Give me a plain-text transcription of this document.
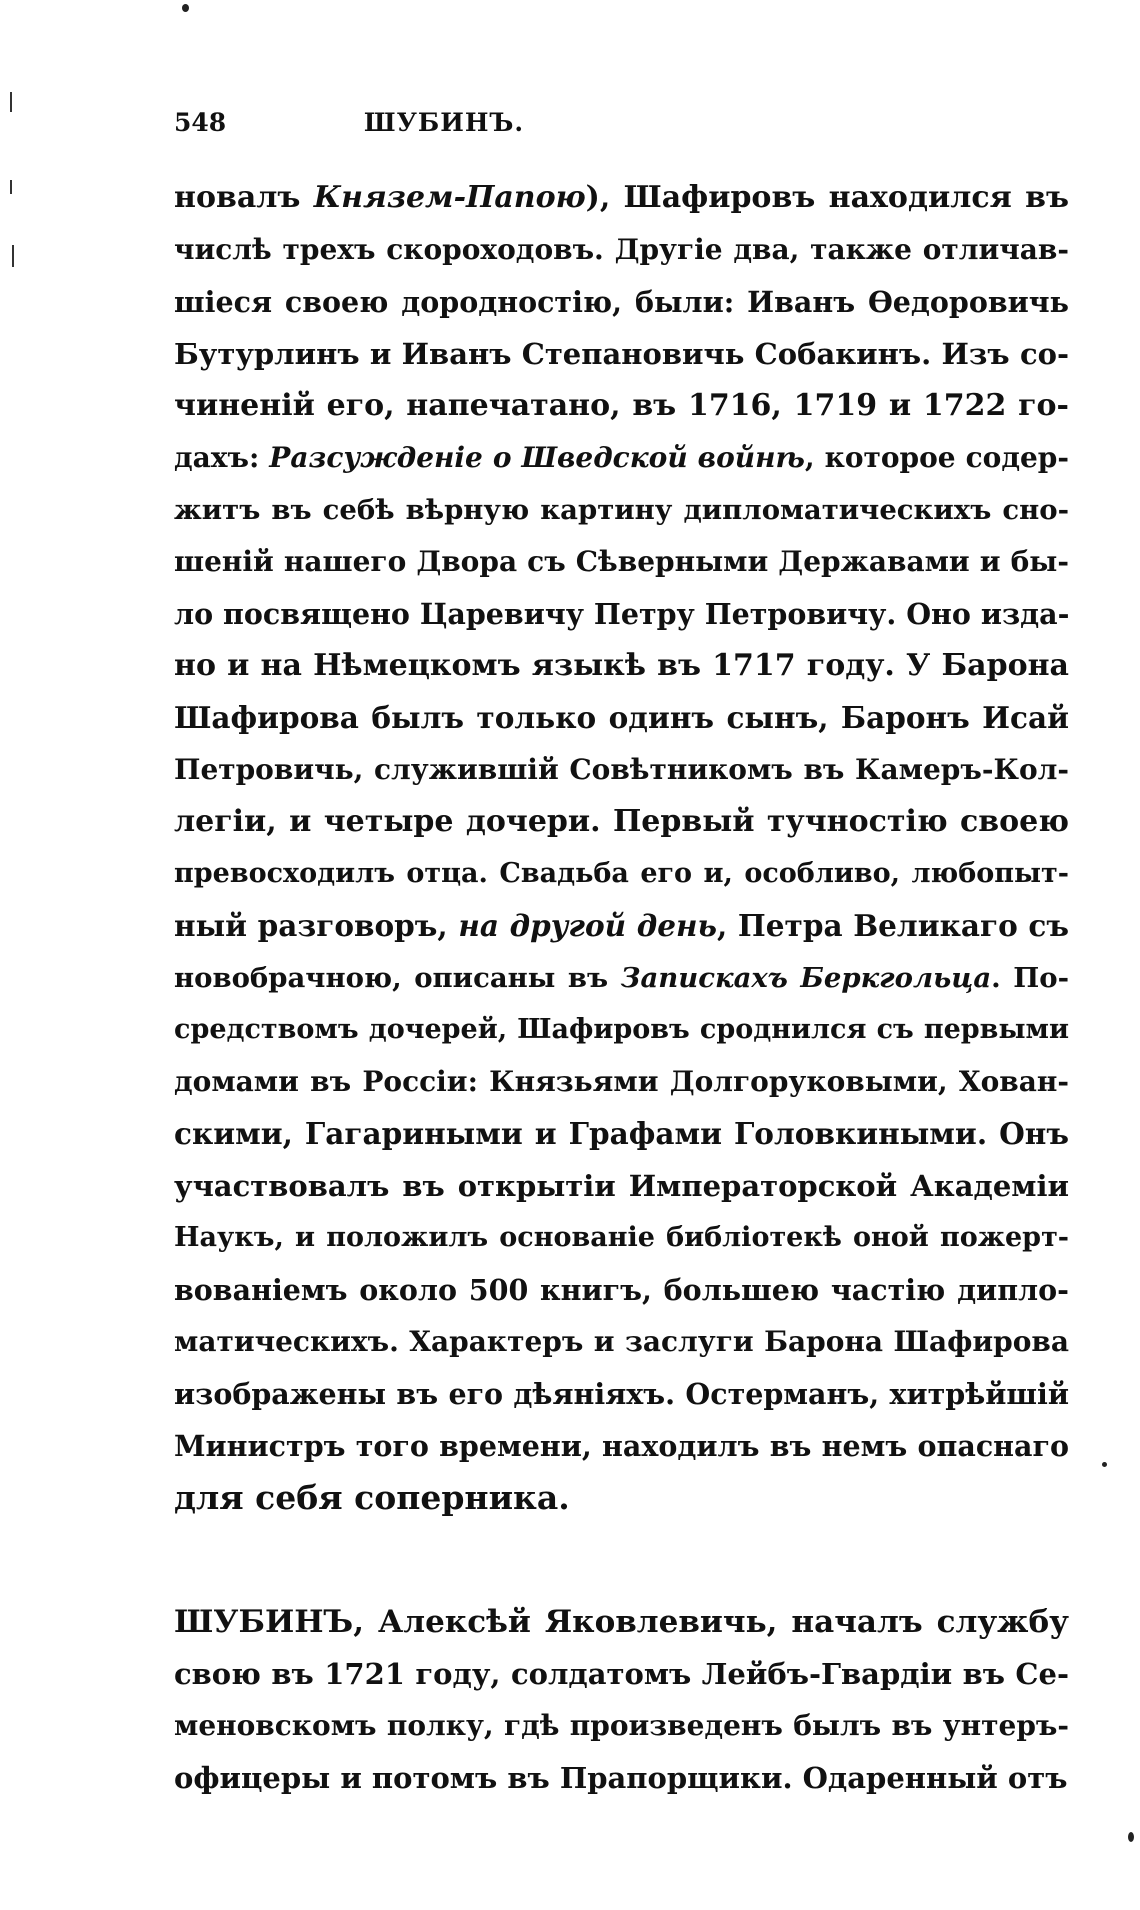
548	ШУБИНЪ.
новалъ Князем-Папою), Шафировъ находился въ
числѣ трехъ скороходовъ. Другіе два, также отличав-
шіеся своею дородностію, были: Иванъ Ѳедоровичь
Бутурлинъ и Иванъ Степановичь Собакинъ. Изъ со-
чиненій его, напечатано, въ 1716, 1719 и 1722 го-
дахъ: Разсужденіе о Шведской войнѣ, которое содер-
житъ въ себѣ вѣрную картину дипломатическихъ сно-
шеній нашего Двора съ Сѣверными Державами и бы-
ло посвящено Царевичу Петру Петровичу. Оно изда-
но и на Нѣмецкомъ языкѣ въ 1717 году. У Барона
Шафирова былъ только одинъ сынъ, Баронъ Исай
Петровичь, служившій Совѣтникомъ въ Камеръ-Кол-
легіи, и четыре дочери. Первый тучностію своею
превосходилъ отца. Свадьба его и, особливо, любопыт-
ный разговоръ, на другой день, Петра Великаго съ
новобрачною, описаны въ Запискахъ Беркгольца. По-
средствомъ дочерей, Шафировъ сроднился съ первыми
домами въ Россіи: Князьями Долгоруковыми, Хован-
скими, Гагариными и Графами Головкиными. Онъ
участвовалъ въ открытіи Императорской Академіи
Наукъ, и положилъ основаніе библіотекѣ оной пожерт-
вованіемъ около 500 книгъ, большею частію дипло-
матическихъ. Характеръ и заслуги Барона Шафирова
изображены въ его дѣяніяхъ. Остерманъ, хитрѣйшій
Министръ того времени, находилъ въ немъ опаснаго
для себя соперника.
ШУБИНЪ, Алексѣй Яковлевичь, началъ службу
свою въ 1721 году, солдатомъ Лейбъ-Гвардіи въ Се-
меновскомъ полку, гдѣ произведенъ былъ въ унтеръ-
офицеры и потомъ въ Прапорщики. Одаренный отъ
